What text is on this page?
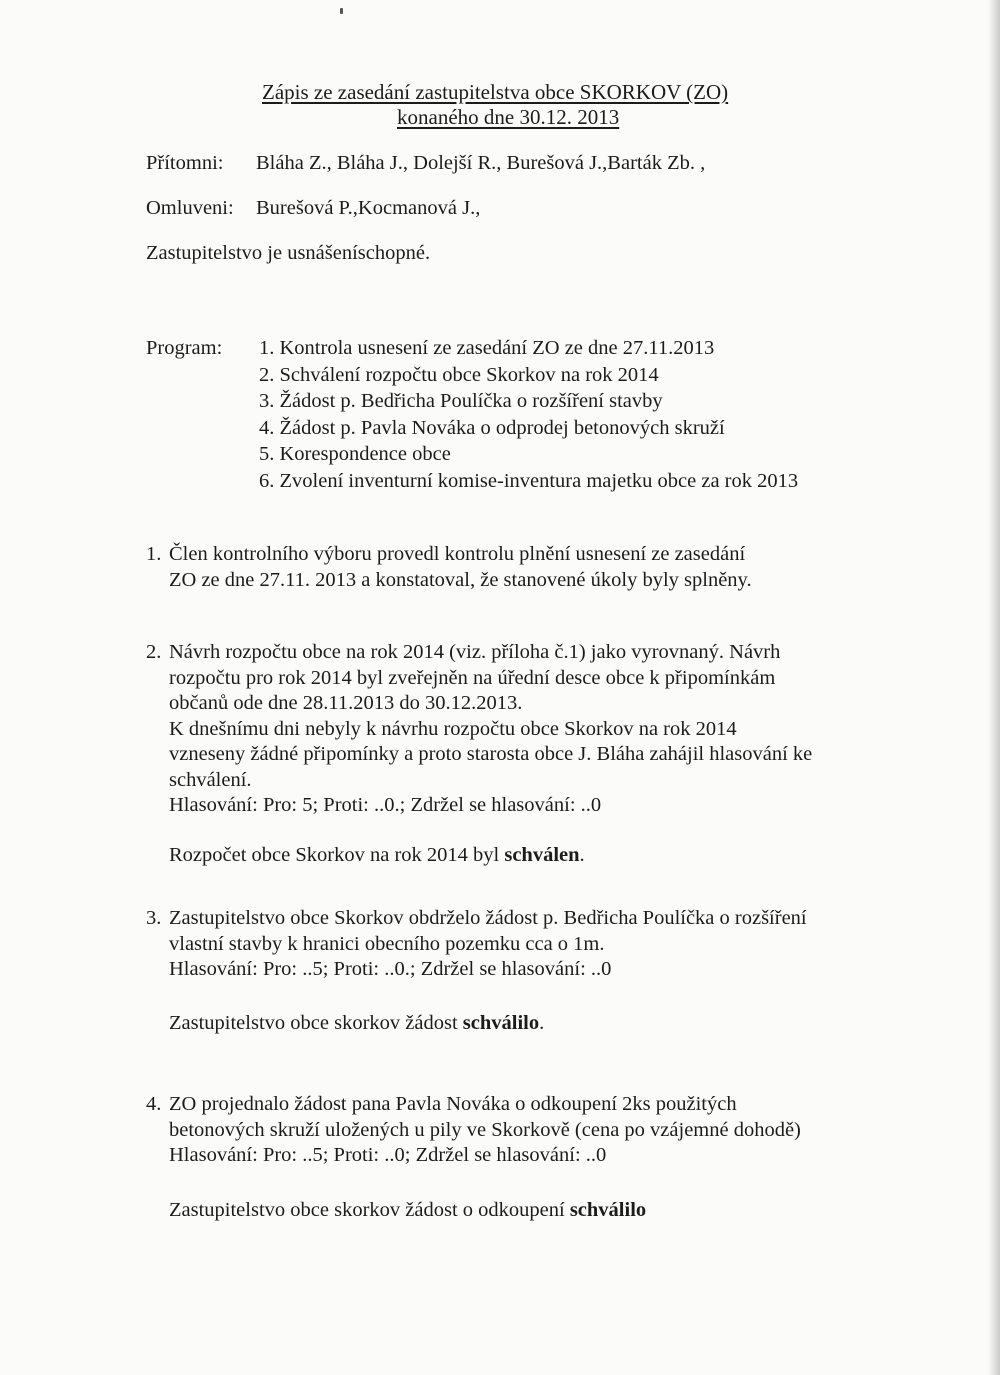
Zápis ze zasedání zastupitelstva obce SKORKOV (ZO)
konaného dne 30.12. 2013
Přítomni: Bláha Z., Bláha J., Dolejší R., Burešová J.,Barták Zb. ,
Omluveni: Burešová P.,Kocmanová J.,
Zastupitelstvo je usnášeníschopné.
Program: 1. Kontrola usnesení ze zasedání ZO ze dne 27.11.2013
2. Schválení rozpočtu obce Skorkov na rok 2014
3. Žádost p. Bedřicha Poulíčka o rozšíření stavby
4. Žádost p. Pavla Nováka o odprodej betonových skruží
5. Korespondence obce
6. Zvolení inventurní komise-inventura majetku obce za rok 2013
1. Člen kontrolního výboru provedl kontrolu plnění usnesení ze zasedání
ZO ze dne 27.11. 2013 a konstatoval, že stanovené úkoly byly splněny.
2. Návrh rozpočtu obce na rok 2014 (viz. příloha č.1) jako vyrovnaný. Návrh
rozpočtu pro rok 2014 byl zveřejněn na úřední desce obce k připomínkám
občanů ode dne 28.11.2013 do 30.12.2013.
K dnešnímu dni nebyly k návrhu rozpočtu obce Skorkov na rok 2014
vzneseny žádné připomínky a proto starosta obce J. Bláha zahájil hlasování ke
schválení.
Hlasování: Pro: 5; Proti: ..0.; Zdržel se hlasování: ..0
Rozpočet obce Skorkov na rok 2014 byl schválen.
3. Zastupitelstvo obce Skorkov obdrželo žádost p. Bedřicha Poulíčka o rozšíření
vlastní stavby k hranici obecního pozemku cca o 1m.
Hlasování: Pro: ..5; Proti: ..0.; Zdržel se hlasování: ..0
Zastupitelstvo obce skorkov žádost schválilo.
4. ZO projednalo žádost pana Pavla Nováka o odkoupení 2ks použitých
betonových skruží uložených u pily ve Skorkově (cena po vzájemné dohodě)
Hlasování: Pro: ..5; Proti: ..0; Zdržel se hlasování: ..0
Zastupitelstvo obce skorkov žádost o odkoupení schválilo
